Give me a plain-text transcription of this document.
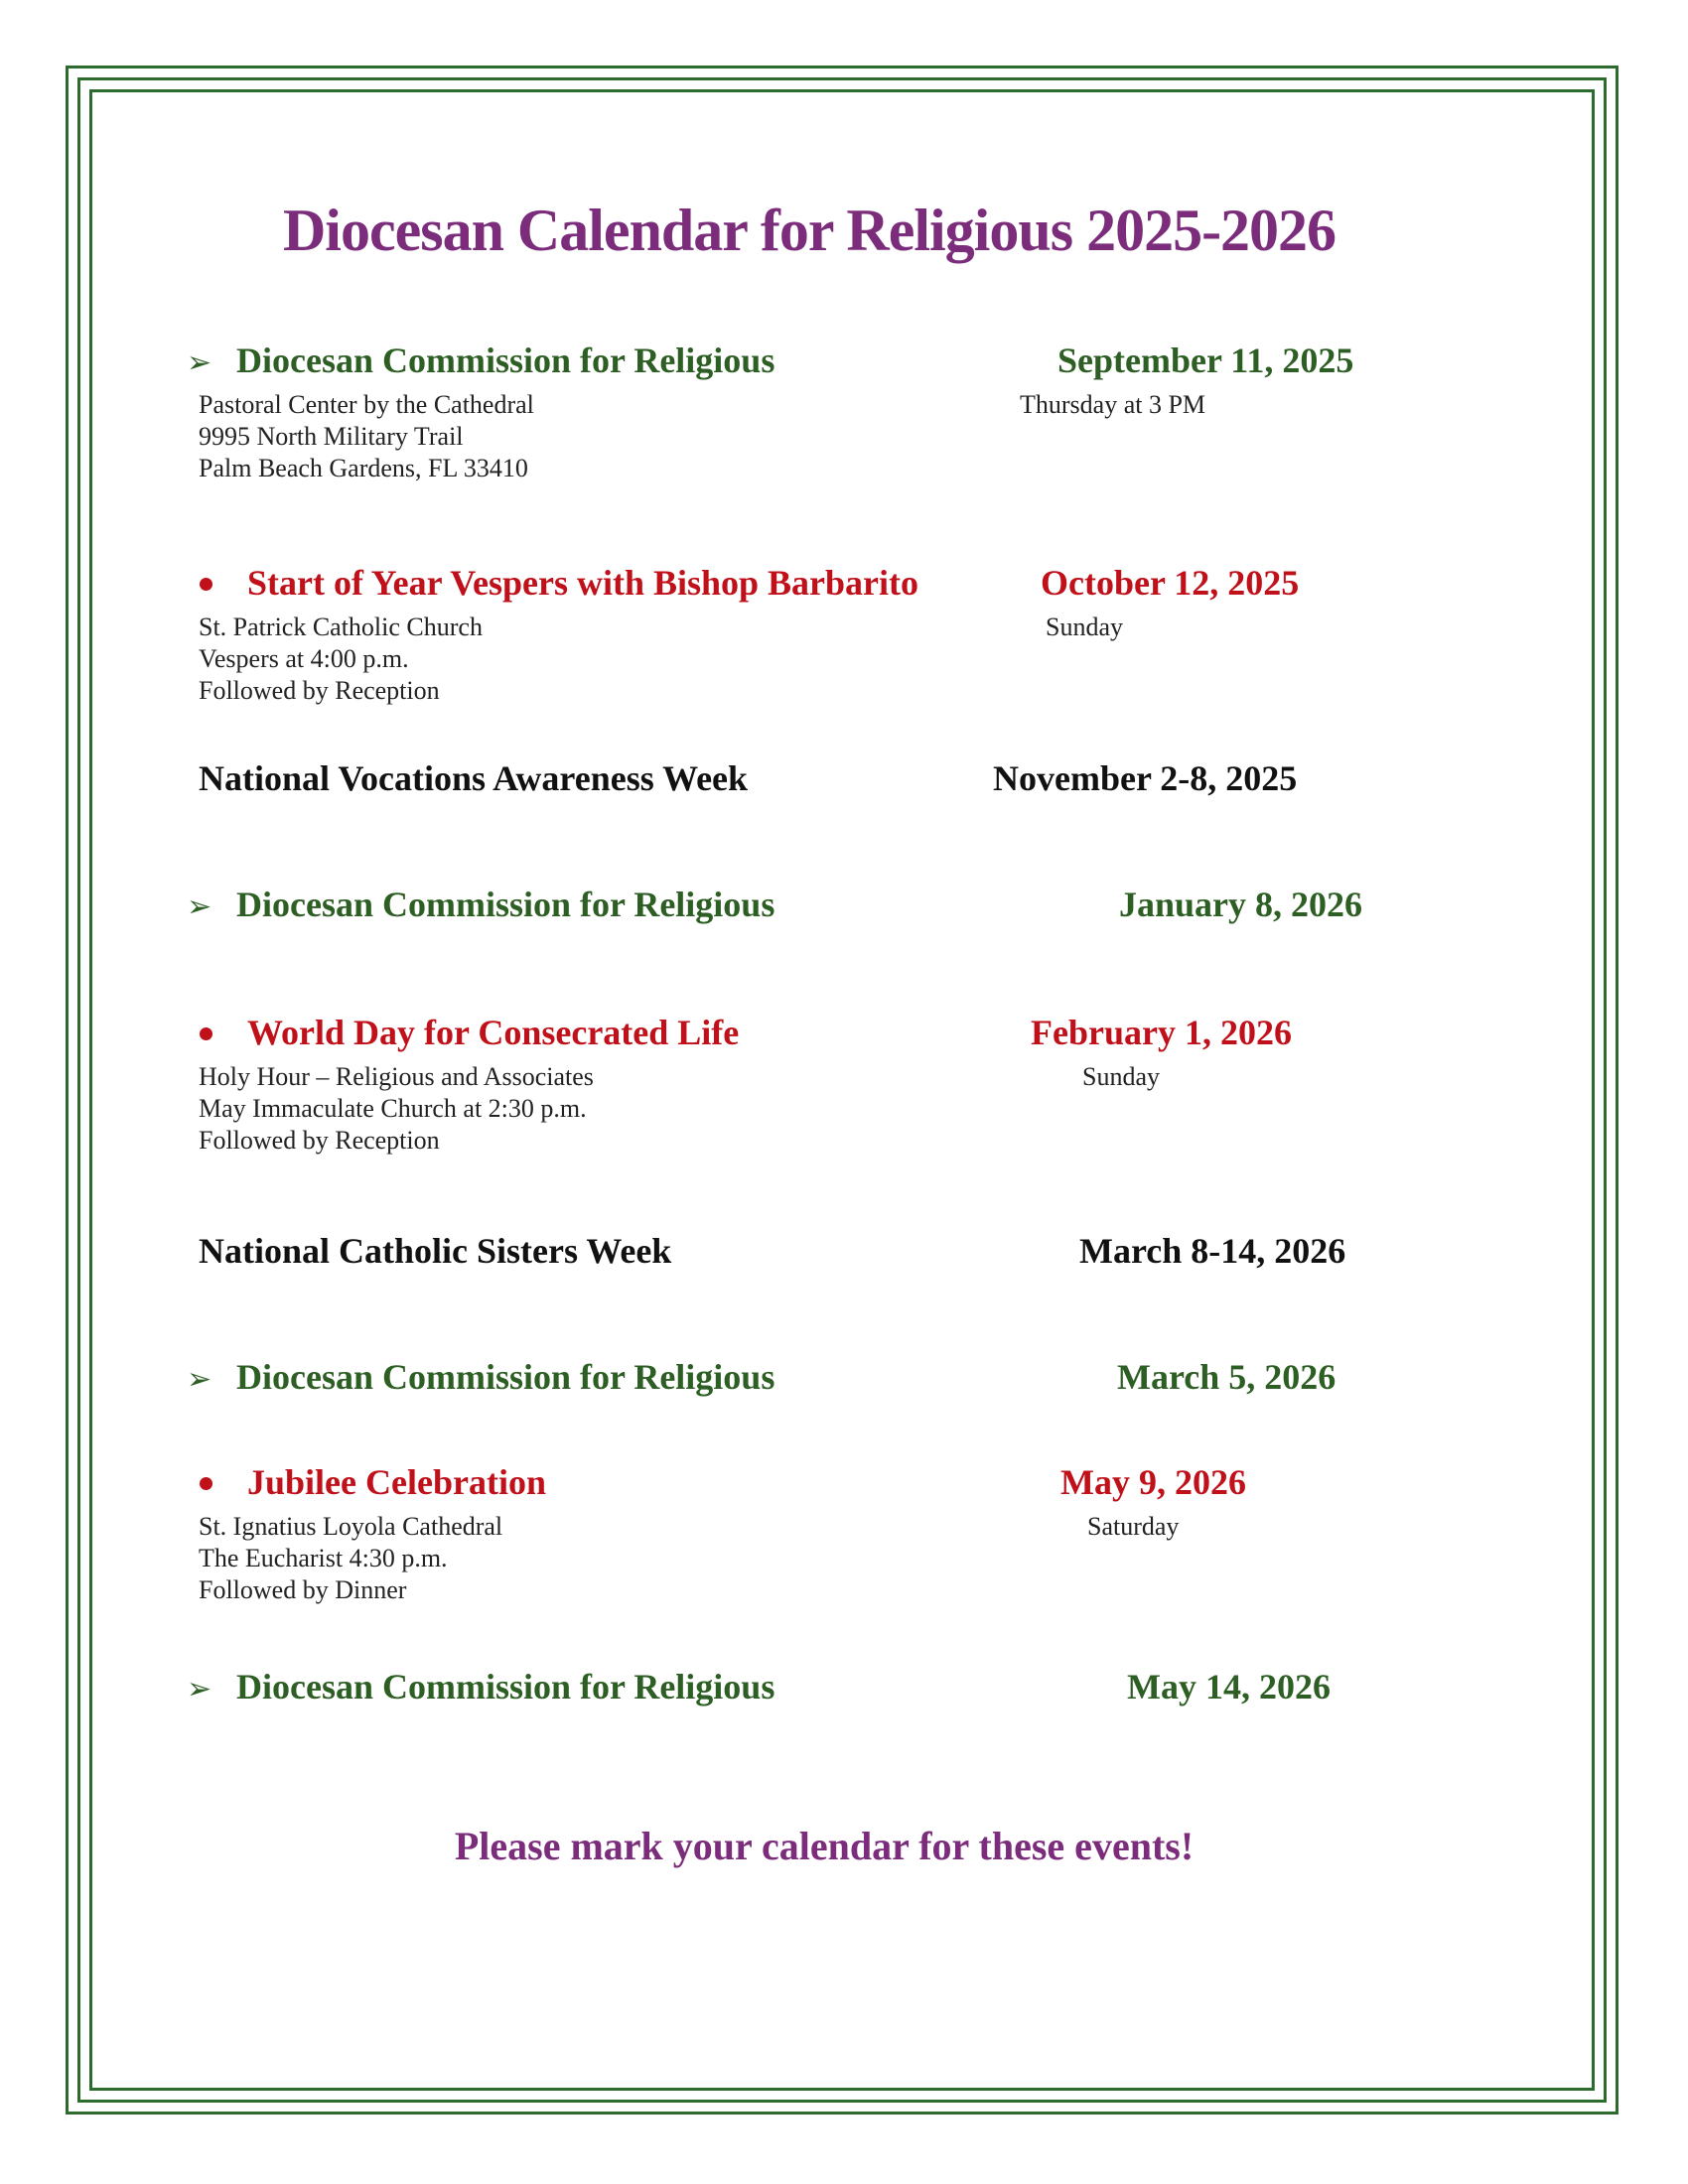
Diocesan Calendar for Religious 2025-2026
➢ Diocesan Commission for Religious	September 11, 2025
Pastoral Center by the Cathedral
9995 North Military Trail
Palm Beach Gardens, FL 33410
Thursday at 3 PM
Start of Year Vespers with Bishop Barbarito	October 12, 2025
St. Patrick Catholic Church
Vespers at 4:00 p.m.
Followed by Reception
Sunday
National Vocations Awareness Week	November 2-8, 2025
➢ Diocesan Commission for Religious	January 8, 2026
World Day for Consecrated Life	February 1, 2026
Holy Hour – Religious and Associates
May Immaculate Church at 2:30 p.m.
Followed by Reception
Sunday
National Catholic Sisters Week	March 8-14, 2026
➢ Diocesan Commission for Religious	March 5, 2026
Jubilee Celebration	May 9, 2026
St. Ignatius Loyola Cathedral
The Eucharist 4:30 p.m.
Followed by Dinner
Saturday
➢ Diocesan Commission for Religious	May 14, 2026
Please mark your calendar for these events!
